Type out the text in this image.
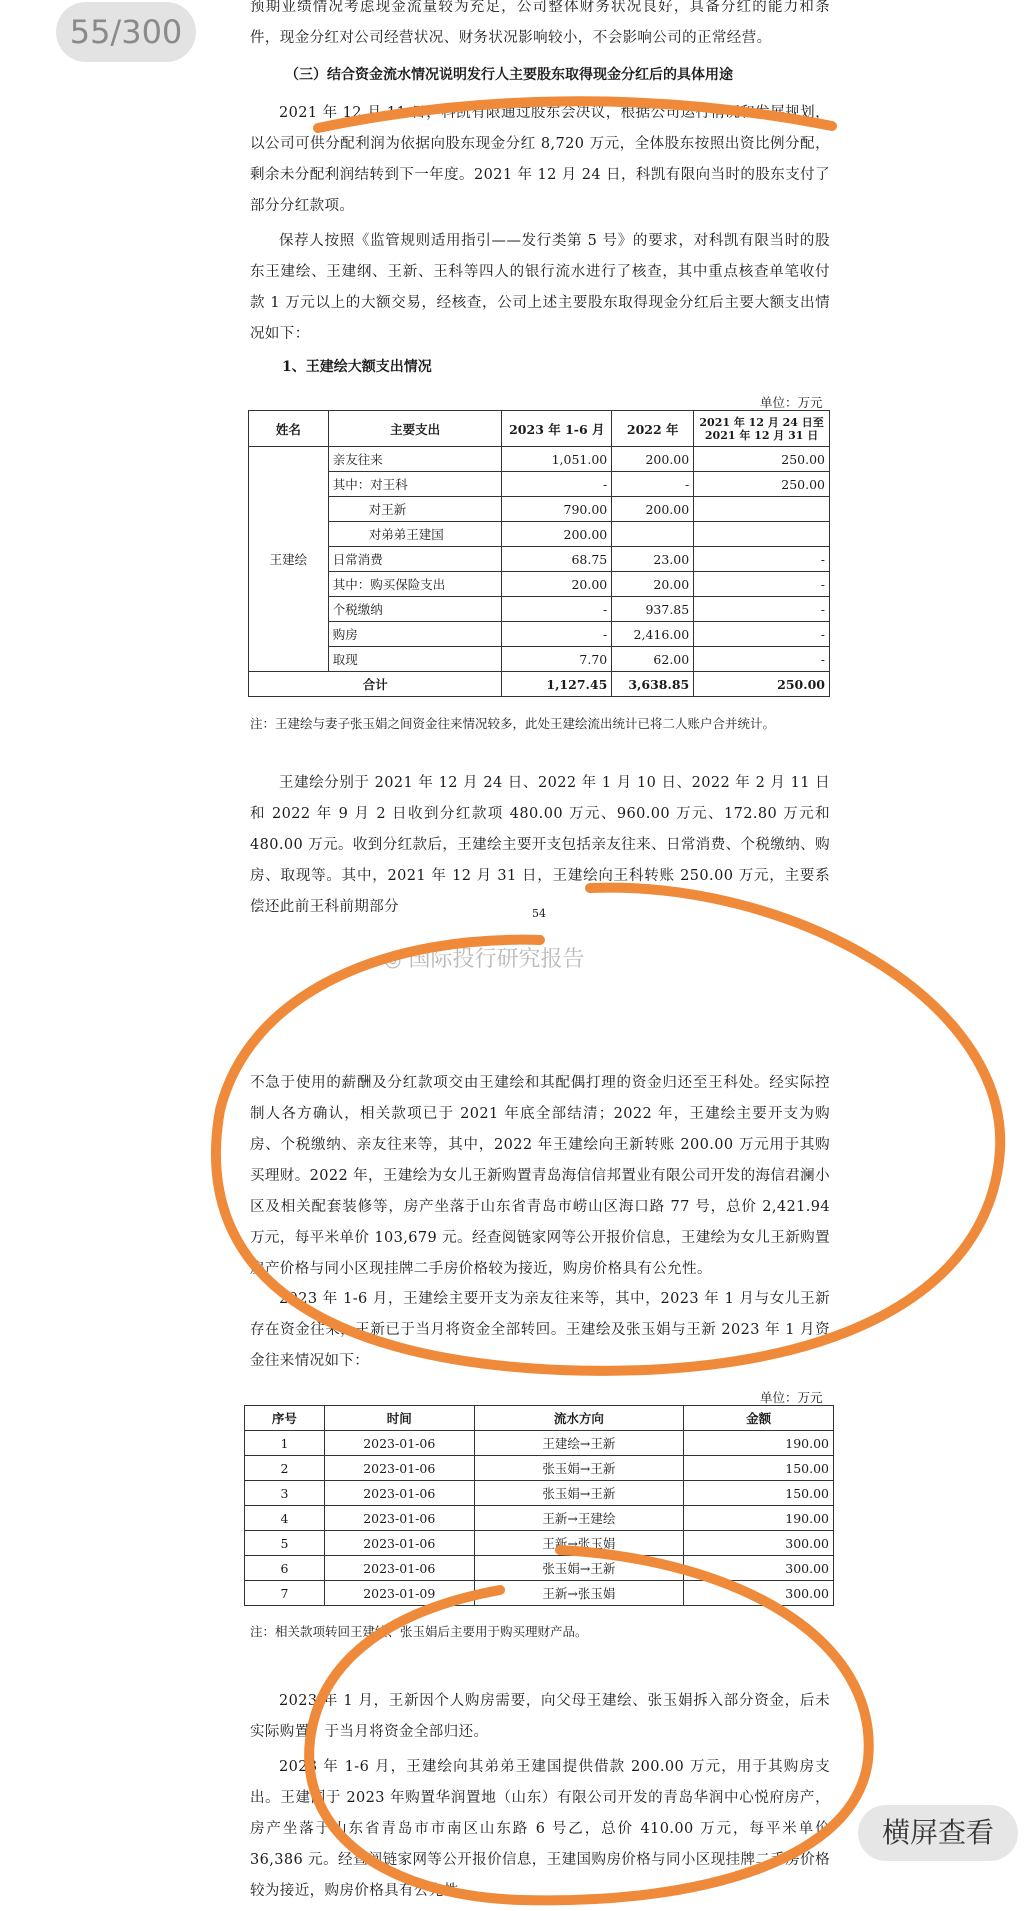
预期业绩情况考虑现金流量较为充足，公司整体财务状况良好，具备分红的能力和条件，现金分红对公司经营状况、财务状况影响较小，不会影响公司的正常经营。
（三）结合资金流水情况说明发行人主要股东取得现金分红后的具体用途
2021 年 12 月 11 日，科凯有限通过股东会决议，根据公司运行情况和发展规划，以公司可供分配利润为依据向股东现金分红 8,720 万元，全体股东按照出资比例分配，剩余未分配利润结转到下一年度。2021 年 12 月 24 日，科凯有限向当时的股东支付了部分分红款项。
保荐人按照《监管规则适用指引——发行类第 5 号》的要求，对科凯有限当时的股东王建绘、王建纲、王新、王科等四人的银行流水进行了核查，其中重点核查单笔收付款 1 万元以上的大额交易，经核查，公司上述主要股东取得现金分红后主要大额支出情况如下：
1、王建绘大额支出情况
单位：万元
姓名	主要支出	2023 年 1-6 月	2022 年	2021 年 12 月 24 日至
2021 年 12 月 31 日
王建绘	亲友往来	1,051.00	200.00	250.00
	其中：对王科	-	-	250.00
	对王新	790.00	200.00	
	对弟弟王建国	200.00		
	日常消费	68.75	23.00	-
	其中：购买保险支出	20.00	20.00	-
	个税缴纳	-	937.85	-
	购房	-	2,416.00	-
	取现	7.70	62.00	-
合计		1,127.45	3,638.85	250.00
注：王建绘与妻子张玉娟之间资金往来情况较多，此处王建绘流出统计已将二人账户合并统计。
王建绘分别于 2021 年 12 月 24 日、2022 年 1 月 10 日、2022 年 2 月 11 日和 2022 年 9 月 2 日收到分红款项 480.00 万元、960.00 万元、172.80 万元和 480.00 万元。收到分红款后，王建绘主要开支包括亲友往来、日常消费、个税缴纳、购房、取现等。其中，2021 年 12 月 31 日，王建绘向王科转账 250.00 万元，主要系偿还此前王科前期部分	54
◎ 国际投行研究报告
不急于使用的薪酬及分红款项交由王建绘和其配偶打理的资金归还至王科处。经实际控制人各方确认，相关款项已于 2021 年底全部结清；2022 年，王建绘主要开支为购房、个税缴纳、亲友往来等，其中，2022 年王建绘向王新转账 200.00 万元用于其购买理财。2022 年，王建绘为女儿王新购置青岛海信信邦置业有限公司开发的海信君澜小区及相关配套装修等，房产坐落于山东省青岛市崂山区海口路 77 号，总价 2,421.94 万元，每平米单价 103,679 元。经查阅链家网等公开报价信息，王建绘为女儿王新购置房产价格与同小区现挂牌二手房价格较为接近，购房价格具有公允性。
2023 年 1-6 月，王建绘主要开支为亲友往来等，其中，2023 年 1 月与女儿王新存在资金往来，王新已于当月将资金全部转回。王建绘及张玉娟与王新 2023 年 1 月资金往来情况如下：
单位：万元
序号	时间	流水方向	金额
1	2023-01-06	王建绘→王新	190.00
2	2023-01-06	张玉娟→王新	150.00
3	2023-01-06	张玉娟→王新	150.00
4	2023-01-06	王新→王建绘	190.00
5	2023-01-06	王新→张玉娟	300.00
6	2023-01-06	张玉娟→王新	300.00
7	2023-01-09	王新→张玉娟	300.00
注：相关款项转回王建绘、张玉娟后主要用于购买理财产品。
2023 年 1 月，王新因个人购房需要，向父母王建绘、张玉娟拆入部分资金，后未实际购置，于当月将资金全部归还。
2023 年 1-6 月，王建绘向其弟弟王建国提供借款 200.00 万元，用于其购房支出。王建国于 2023 年购置华润置地（山东）有限公司开发的青岛华润中心悦府房产，房产坐落于山东省青岛市市南区山东路 6 号乙，总价 410.00 万元，每平米单价 36,386 元。经查阅链家网等公开报价信息，王建国购房价格与同小区现挂牌二手房价格较为接近，购房价格具有公允性。
55/300
横屏查看
